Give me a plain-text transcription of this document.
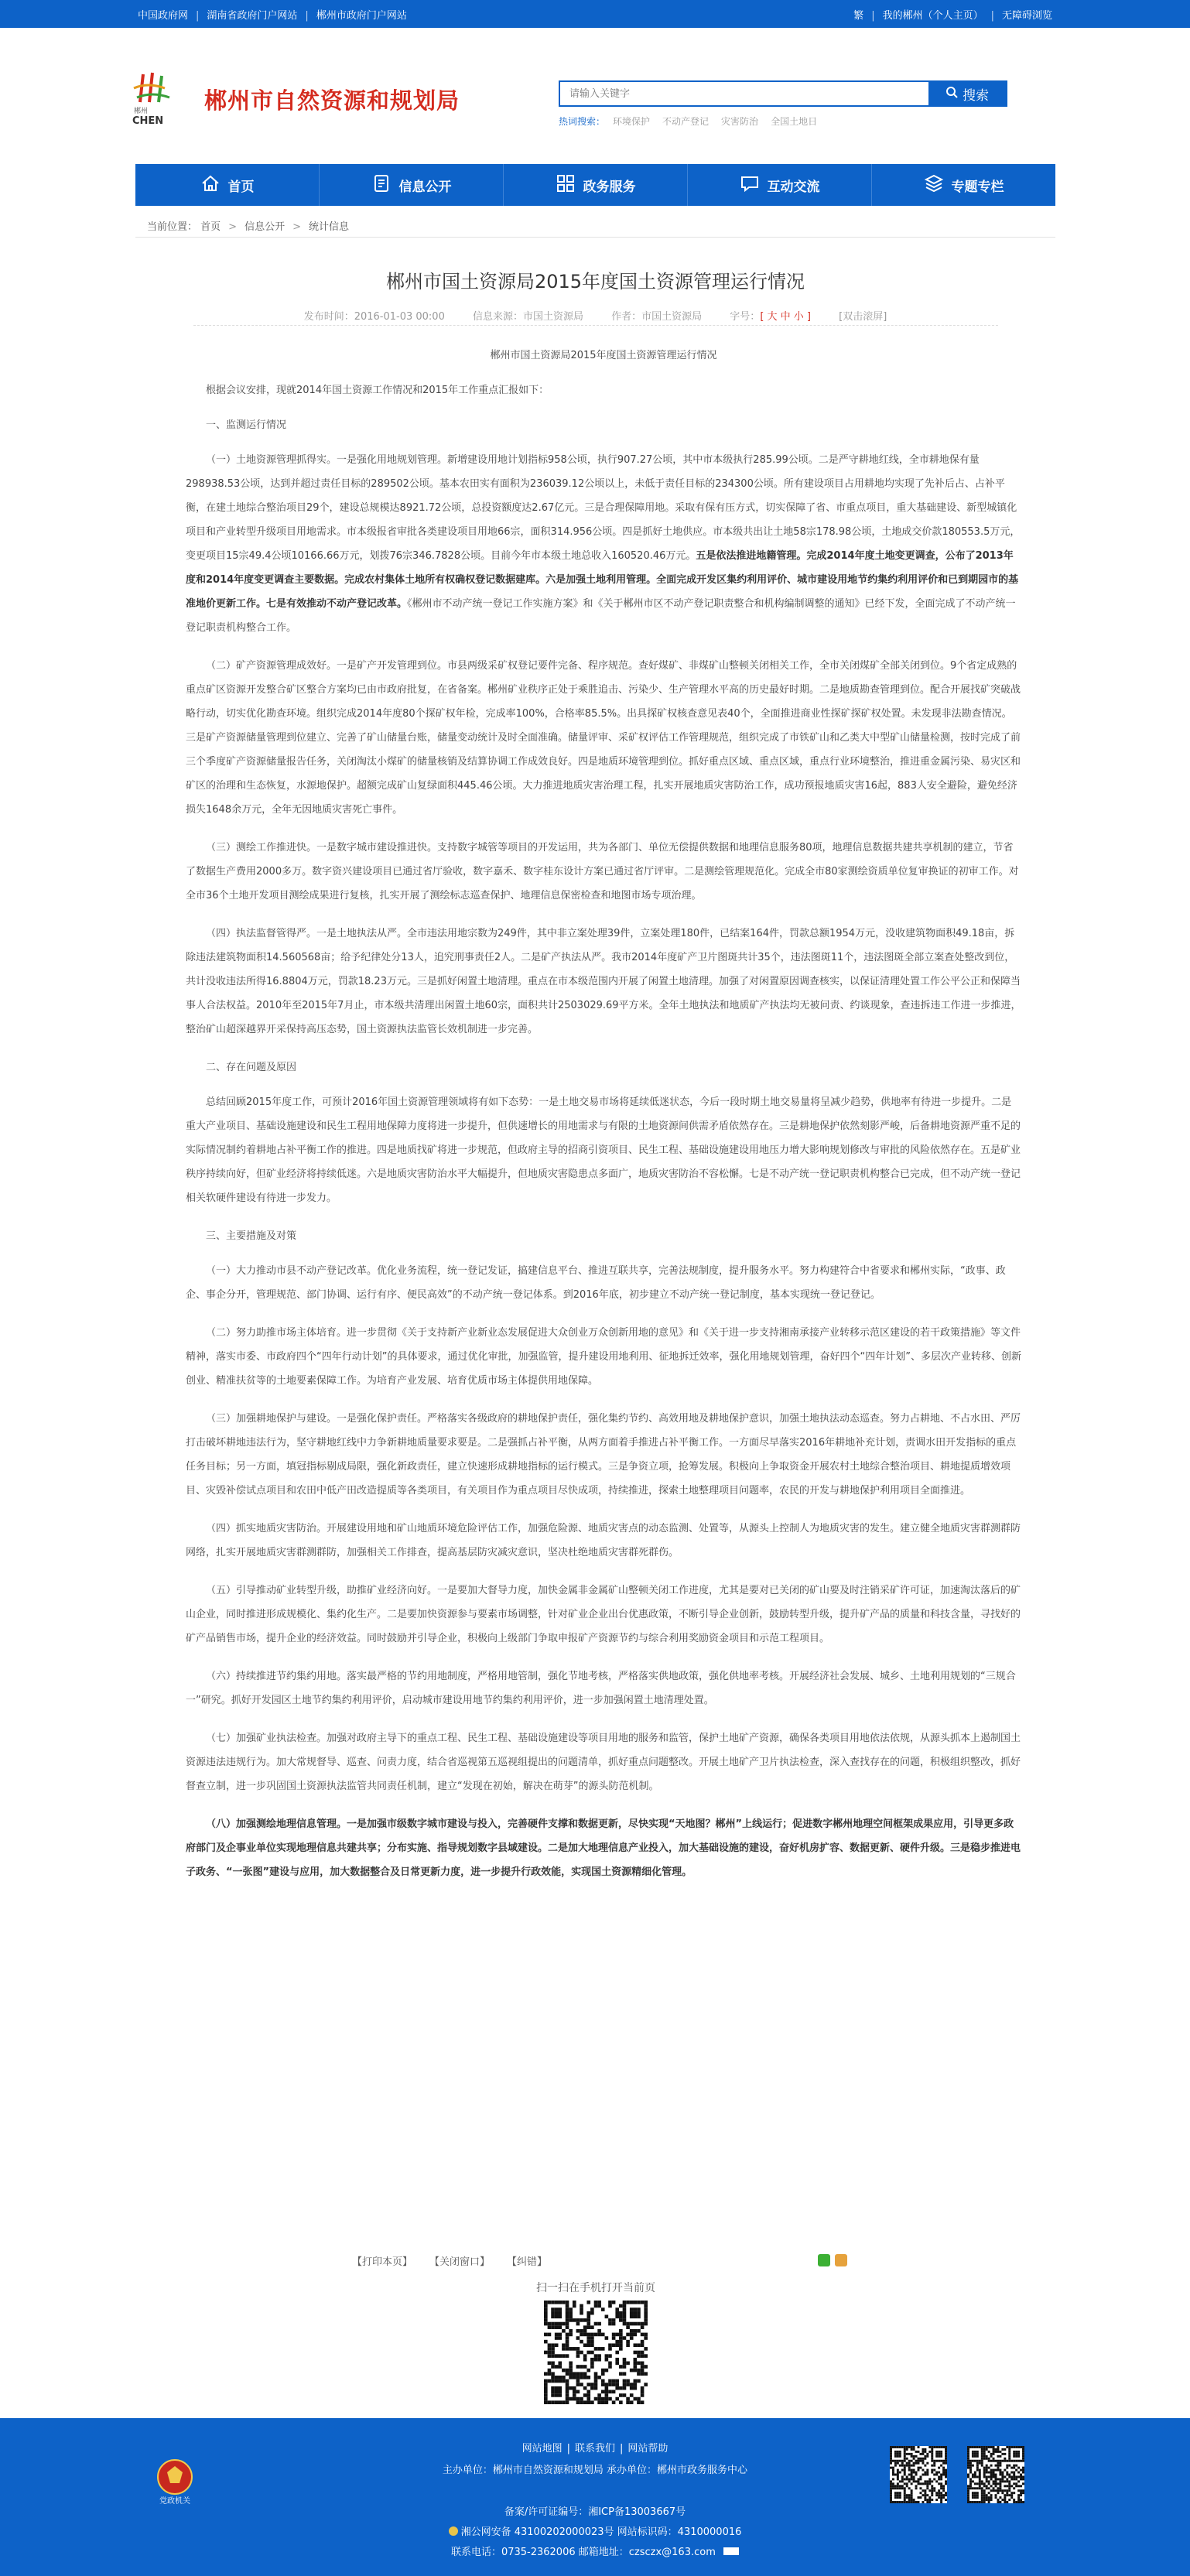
中国政府网 | 湖南省政府门户网站 | 郴州市政府门户网站	繁 | 我的郴州（个人主页） | 无障碍浏览
郴州
CHEN
郴州市自然资源和规划局
请输入关键字	搜索
热词搜索： 环境保护 不动产登记 灾害防治 全国土地日
首页	信息公开	政务服务	互动交流	专题专栏
当前位置： 首页 > 信息公开 > 统计信息
郴州市国土资源局2015年度国土资源管理运行情况
发布时间：2016-01-03 00:00	信息来源：市国土资源局	作者：市国土资源局	字号：[ 大 中 小 ]	[双击滚屏]

郴州市国土资源局2015年度国土资源管理运行情况

根据会议安排，现就2014年国土资源工作情况和2015年工作重点汇报如下：

一、监测运行情况

（一）土地资源管理抓得实。一是强化用地规划管理。新增建设用地计划指标958公顷，执行907.27公顷，其中市本级执行285.99公顷。二是严守耕地红线，全市耕地保有量298938.53公顷，达到并超过责任目标的289502公顷。基本农田实有面积为236039.12公顷以上，未低于责任目标的234300公顷。所有建设项目占用耕地均实现了先补后占、占补平衡，在建土地综合整治项目29个，建设总规模达8921.72公顷，总投资额度达2.67亿元。三是合理保障用地。采取有保有压方式，切实保障了省、市重点项目，重大基础建设、新型城镇化项目和产业转型升级项目用地需求。市本级报省审批各类建设项目用地66宗，面积314.956公顷。四是抓好土地供应。市本级共出让土地58宗178.98公顷，土地成交价款180553.5万元，变更项目15宗49.4公顷10166.66万元，划拨76宗346.7828公顷。目前今年市本级土地总收入160520.46万元。五是依法推进地籍管理。完成2014年度土地变更调查，公布了2013年度和2014年度变更调查主要数据。完成农村集体土地所有权确权登记数据建库。六是加强土地利用管理。全面完成开发区集约利用评价、城市建设用地节约集约利用评价和已到期园市的基准地价更新工作。七是有效推动不动产登记改革。《郴州市不动产统一登记工作实施方案》和《关于郴州市区不动产登记职责整合和机构编制调整的通知》已经下发，全面完成了不动产统一登记职责机构整合工作。

（二）矿产资源管理成效好。一是矿产开发管理到位。市县两级采矿权登记要件完备、程序规范。查好煤矿、非煤矿山整顿关闭相关工作，全市关闭煤矿全部关闭到位。9个省定成熟的重点矿区资源开发整合矿区整合方案均已由市政府批复，在省备案。郴州矿业秩序正处于乘胜追击、污染少、生产管理水平高的历史最好时期。二是地质勘查管理到位。配合开展找矿突破战略行动，切实优化勘查环境。组织完成2014年度80个探矿权年检，完成率100%，合格率85.5%。出具探矿权核查意见表40个，全面推进商业性探矿探矿权处置。未发现非法勘查情况。三是矿产资源储量管理到位建立、完善了矿山储量台账，储量变动统计及时全面准确。储量评审、采矿权评估工作管理规范，组织完成了市铁矿山和乙类大中型矿山储量检测，按时完成了前三个季度矿产资源储量报告任务，关闭淘汰小煤矿的储量核销及结算协调工作成效良好。四是地质环境管理到位。抓好重点区域、重点区域，重点行业环境整治，推进重金属污染、易灾区和矿区的治理和生态恢复，水源地保护。超额完成矿山复绿面积445.46公顷。大力推进地质灾害治理工程，扎实开展地质灾害防治工作，成功预报地质灾害16起，883人安全避险，避免经济损失1648余万元，全年无因地质灾害死亡事件。

（三）测绘工作推进快。一是数字城市建设推进快。支持数字城管等项目的开发运用，共为各部门、单位无偿提供数据和地理信息服务80项，地理信息数据共建共享机制的建立，节省了数据生产费用2000多万。数字资兴建设项目已通过省厅验收，数字嘉禾、数字桂东设计方案已通过省厅评审。二是测绘管理规范化。完成全市80家测绘资质单位复审换证的初审工作。对全市36个土地开发项目测绘成果进行复核，扎实开展了测绘标志巡查保护、地理信息保密检查和地图市场专项治理。

（四）执法监督管得严。一是土地执法从严。全市违法用地宗数为249件，其中非立案处理39件，立案处理180件，已结案164件，罚款总额1954万元，没收建筑物面积49.18亩，拆除违法建筑物面积14.560568亩；给予纪律处分13人，追究刑事责任2人。二是矿产执法从严。我市2014年度矿产卫片图斑共计35个，违法图斑11个，违法图斑全部立案查处整改到位，共计没收违法所得16.8804万元，罚款18.23万元。三是抓好闲置土地清理。重点在市本级范围内开展了闲置土地清理。加强了对闲置原因调查核实，以保证清理处置工作公平公正和保障当事人合法权益。2010年至2015年7月止，市本级共清理出闲置土地60宗，面积共计2503029.69平方米。全年土地执法和地质矿产执法均无被问责、约谈现象，查违拆违工作进一步推进，整治矿山超深越界开采保持高压态势，国土资源执法监管长效机制进一步完善。

二、存在问题及原因

总结回顾2015年度工作，可预计2016年国土资源管理领域将有如下态势：一是土地交易市场将延续低迷状态，今后一段时期土地交易量将呈减少趋势，供地率有待进一步提升。二是重大产业项目、基础设施建设和民生工程用地保障力度将进一步提升，但供速增长的用地需求与有限的土地资源间供需矛盾依然存在。三是耕地保护依然刻影严峻，后备耕地资源严重不足的实际情况制约着耕地占补平衡工作的推进。四是地质找矿将进一步规范，但政府主导的招商引资项目、民生工程、基础设施建设用地压力增大影响规划修改与审批的风险依然存在。五是矿业秩序持续向好，但矿业经济将持续低迷。六是地质灾害防治水平大幅提升，但地质灾害隐患点多面广，地质灾害防治不容松懈。七是不动产统一登记职责机构整合已完成，但不动产统一登记相关软硬件建设有待进一步发力。

三、主要措施及对策

（一）大力推动市县不动产登记改革。优化业务流程，统一登记发证，搞建信息平台、推进互联共享，完善法规制度，提升服务水平。努力构建符合中省要求和郴州实际，“政事、政企、事企分开，管理规范、部门协调、运行有序、便民高效”的不动产统一登记体系。到2016年底，初步建立不动产统一登记制度，基本实现统一登记登记。

（二）努力助推市场主体培育。进一步贯彻《关于支持新产业新业态发展促进大众创业万众创新用地的意见》和《关于进一步支持湘南承接产业转移示范区建设的若干政策措施》等文件精神，落实市委、市政府四个“四年行动计划”的具体要求，通过优化审批，加强监管，提升建设用地利用、征地拆迁效率，强化用地规划管理，奋好四个“四年计划”、多层次产业转移、创新创业、精准扶贫等的土地要素保障工作。为培育产业发展、培育优质市场主体提供用地保障。

（三）加强耕地保护与建设。一是强化保护责任。严格落实各级政府的耕地保护责任，强化集约节约、高效用地及耕地保护意识，加强土地执法动态巡查。努力占耕地、不占水田、严厉打击破坏耕地违法行为，坚守耕地红线中力争新耕地质量要求要是。二是强抓占补平衡，从两方面着手推进占补平衡工作。一方面尽早落实2016年耕地补充计划，责调水田开发指标的重点任务目标；另一方面，填冠指标剔成局限，强化新政责任，建立快速形成耕地指标的运行模式。三是争资立项，抢筹发展。积极向上争取资金开展农村土地综合整治项目、耕地提质增效项目、灾毁补偿试点项目和农田中低产田改造提质等各类项目，有关项目作为重点项目尽快成项，持续推进，探索土地整理项目问题率，农民的开发与耕地保护利用项目全面推进。

（四）抓实地质灾害防治。开展建设用地和矿山地质环境危险评估工作，加强危险源、地质灾害点的动态监测、处置等，从源头上控制人为地质灾害的发生。建立健全地质灾害群测群防网络，扎实开展地质灾害群测群防，加强相关工作排查，提高基层防灾减灾意识，坚决杜绝地质灾害群死群伤。

（五）引导推动矿业转型升级，助推矿业经济向好。一是要加大督导力度，加快金属非金属矿山整顿关闭工作进度，尤其是要对已关闭的矿山要及时注销采矿许可证，加速淘汰落后的矿山企业，同时推进形成规模化、集约化生产。二是要加快资源参与要素市场调整，针对矿业企业出台优惠政策，不断引导企业创新，鼓励转型升级，提升矿产品的质量和科技含量，寻找好的矿产品销售市场，提升企业的经济效益。同时鼓励并引导企业，积极向上级部门争取申报矿产资源节约与综合利用奖励资金项目和示范工程项目。

（六）持续推进节约集约用地。落实最严格的节约用地制度，严格用地管制，强化节地考核，严格落实供地政策，强化供地率考核。开展经济社会发展、城乡、土地利用规划的“三规合一”研究。抓好开发园区土地节约集约利用评价，启动城市建设用地节约集约利用评价，进一步加强闲置土地清理处置。

（七）加强矿业执法检查。加强对政府主导下的重点工程、民生工程、基础设施建设等项目用地的服务和监管，保护土地矿产资源，确保各类项目用地依法依规，从源头抓本上遏制国土资源违法违规行为。加大常规督导、巡查、问责力度，结合省巡视第五巡视组提出的问题清单，抓好重点问题整改。开展土地矿产卫片执法检查，深入查找存在的问题，积极组织整改，抓好督查立制，进一步巩固国土资源执法监管共同责任机制，建立“发现在初始，解决在萌芽”的源头防范机制。

（八）加强测绘地理信息管理。一是加强市级数字城市建设与投入，完善硬件支撑和数据更新，尽快实现“天地图？郴州”上线运行；促进数字郴州地理空间框架成果应用，引导更多政府部门及企事业单位实现地理信息共建共享；分布实施、指导规划数字县域建设。二是加大地理信息产业投入，加大基础设施的建设，奋好机房扩容、数据更新、硬件升级。三是稳步推进电子政务、“一张图”建设与应用，加大数据整合及日常更新力度，进一步提升行政效能，实现国土资源精细化管理。

【打印本页】 【关闭窗口】 【纠错】
扫一扫在手机打开当前页
网站地图 | 联系我们 | 网站帮助
主办单位：郴州市自然资源和规划局 承办单位：郴州市政务服务中心
备案/许可证编号：湘ICP备13003667号
湘公网安备 43100202000023号 网站标识码：4310000016
联系电话：0735-2362006 邮箱地址：czsczx@163.com
党政机关
